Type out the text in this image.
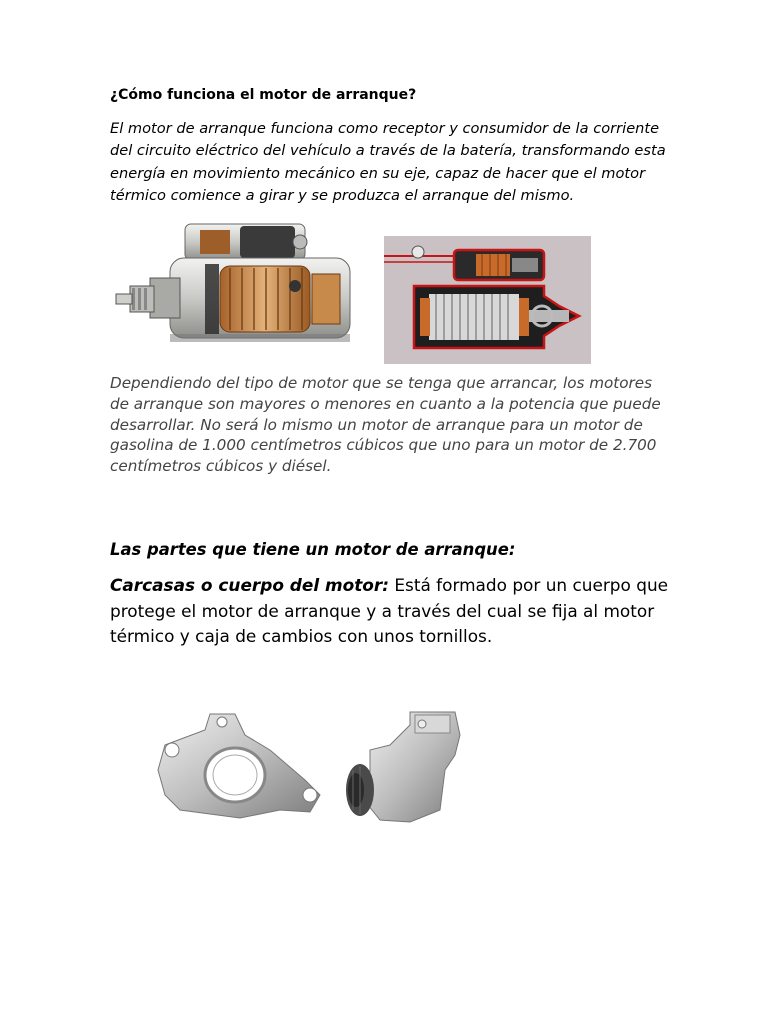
¿Cómo funciona el motor de arranque?
El motor de arranque funciona como receptor y consumidor de la corriente del circuito eléctrico del vehículo a través de la batería, transformando esta energía en movimiento mecánico en su eje, capaz de hacer que el motor térmico comience a girar y se produzca el arranque del mismo.
Dependiendo del tipo de motor que se tenga que arrancar, los motores de arranque son mayores o menores en cuanto a la potencia que puede desarrollar. No será lo mismo un motor de arranque para un motor de gasolina de 1.000 centímetros cúbicos que uno para un motor de 2.700 centímetros cúbicos y diésel.
Las partes que tiene un motor de arranque:
Carcasas o cuerpo del motor: Está formado por un cuerpo que protege el motor de arranque y a través del cual se fija al motor térmico y caja de cambios con unos tornillos.
